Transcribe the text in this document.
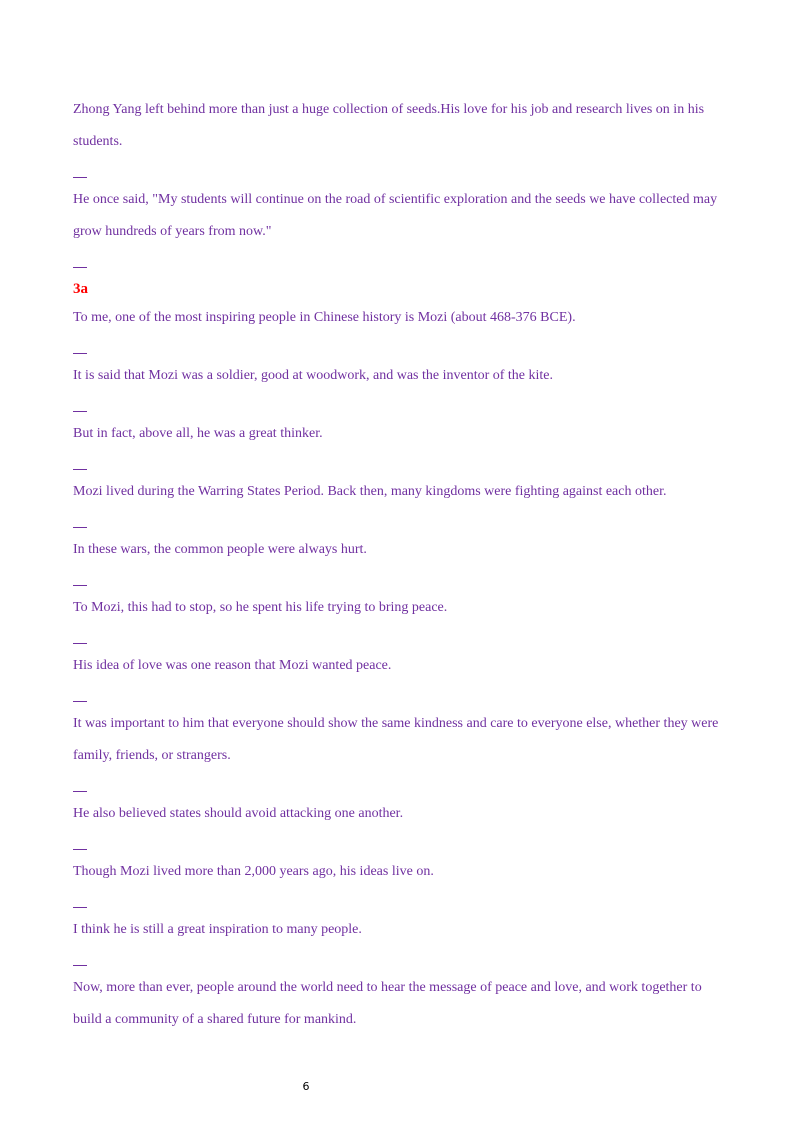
Zhong Yang left behind more than just a huge collection of seeds.His love for his job and research lives on in his students.

He once said, "My students will continue on the road of scientific exploration and the seeds we have collected may grow hundreds of years from now."

3a

To me, one of the most inspiring people in Chinese history is Mozi (about 468-376 BCE).

It is said that Mozi was a soldier, good at woodwork, and was the inventor of the kite.

But in fact, above all, he was a great thinker.

Mozi lived during the Warring States Period. Back then, many kingdoms were fighting against each other.

In these wars, the common people were always hurt.

To Mozi, this had to stop, so he spent his life trying to bring peace.

His idea of love was one reason that Mozi wanted peace.

It was important to him that everyone should show the same kindness and care to everyone else, whether they were family, friends, or strangers.

He also believed states should avoid attacking one another.

Though Mozi lived more than 2,000 years ago, his ideas live on.

I think he is still a great inspiration to many people.

Now, more than ever, people around the world need to hear the message of peace and love, and work together to build a community of a shared future for mankind.

6
